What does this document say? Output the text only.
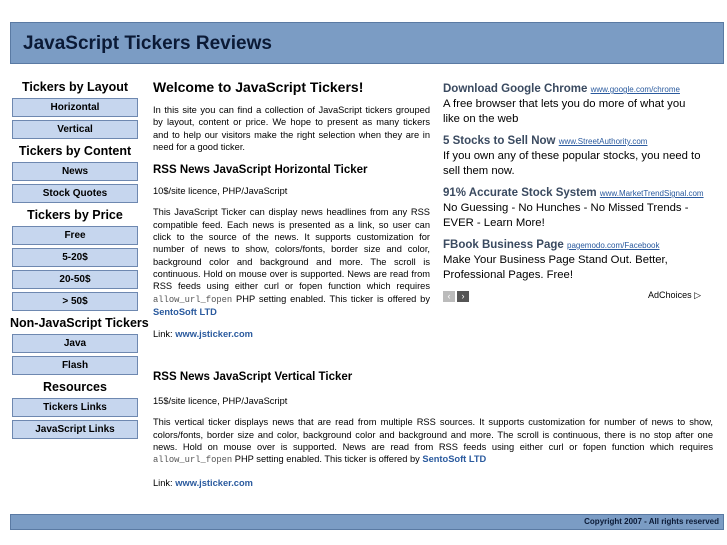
JavaScript Tickers Reviews
Tickers by Layout
Horizontal
Vertical
Tickers by Content
News
Stock Quotes
Tickers by Price
Free
5-20$
20-50$
> 50$
Non-JavaScript Tickers
Java
Flash
Resources
Tickers Links
JavaScript Links
Welcome to JavaScript Tickers!

In this site you can find a collection of JavaScript tickers grouped by layout, content or price. We hope to present as many tickers and to help our visitors make the right selection when they are in need for a good ticker.

RSS News JavaScript Horizontal Ticker

10$/site licence, PHP/JavaScript

This JavaScript Ticker can display news headlines from any RSS compatible feed. Each news is presented as a link, so user can click to the source of the news. It supports customization for number of news to show, colors/fonts, border size and color, background color and background and more. The scroll is continuous. Hold on mouse over is supported. News are read from RSS feeds using either curl or fopen function which requires allow_url_fopen PHP setting enabled. This ticker is offered by SentoSoft LTD

Link: www.jsticker.com

RSS News JavaScript Vertical Ticker

15$/site licence, PHP/JavaScript

This vertical ticker displays news that are read from multiple RSS sources. It supports customization for number of news to show, colors/fonts, border size and color, background color and background and more. The scroll is continuous, there is no stop after one news. Hold on mouse over is supported. News are read from RSS feeds using either curl or fopen function which requires allow_url_fopen PHP setting enabled. This ticker is offered by SentoSoft LTD

Link: www.jsticker.com

Download Google Chrome www.google.com/chrome
A free browser that lets you do more of what you like on the web
5 Stocks to Sell Now www.StreetAuthority.com
If you own any of these popular stocks, you need to sell them now.
91% Accurate Stock System www.MarketTrendSignal.com
No Guessing - No Hunches - No Missed Trends - EVER - Learn More!
FBook Business Page pagemodo.com/Facebook
Make Your Business Page Stand Out. Better, Professional Pages. Free!
‹	›	AdChoices ▷
Copyright 2007 - All rights reserved
